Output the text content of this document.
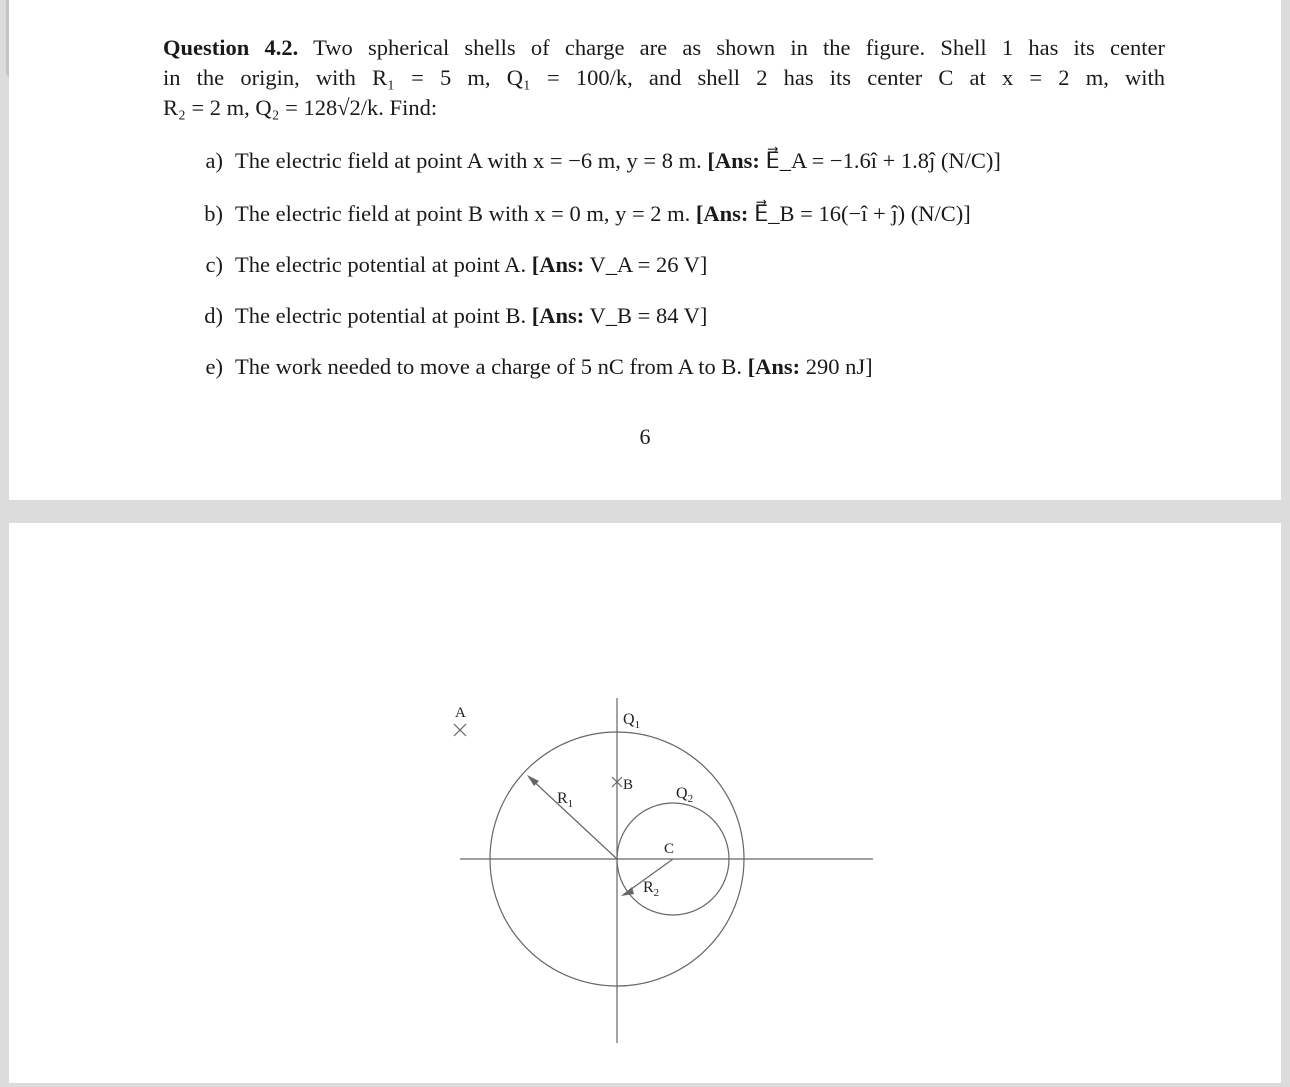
Question 4.2. Two spherical shells of charge are as shown in the figure. Shell 1 has its center
in the origin, with R₁ = 5 m, Q₁ = 100/k, and shell 2 has its center C at x = 2 m, with
R₂ = 2 m, Q₂ = 128√2/k. Find:
a) The electric field at point A with x = −6 m, y = 8 m. [Ans: E⃗_A = −1.6î + 1.8ĵ (N/C)]
b) The electric field at point B with x = 0 m, y = 2 m. [Ans: E⃗_B = 16(−î + ĵ) (N/C)]
c) The electric potential at point A. [Ans: V_A = 26 V]
d) The electric potential at point B. [Ans: V_B = 84 V]
e) The work needed to move a charge of 5 nC from A to B. [Ans: 290 nJ]
6
A
B
C
$Q_1$
$Q_2$
$R_1$
$R_2$
